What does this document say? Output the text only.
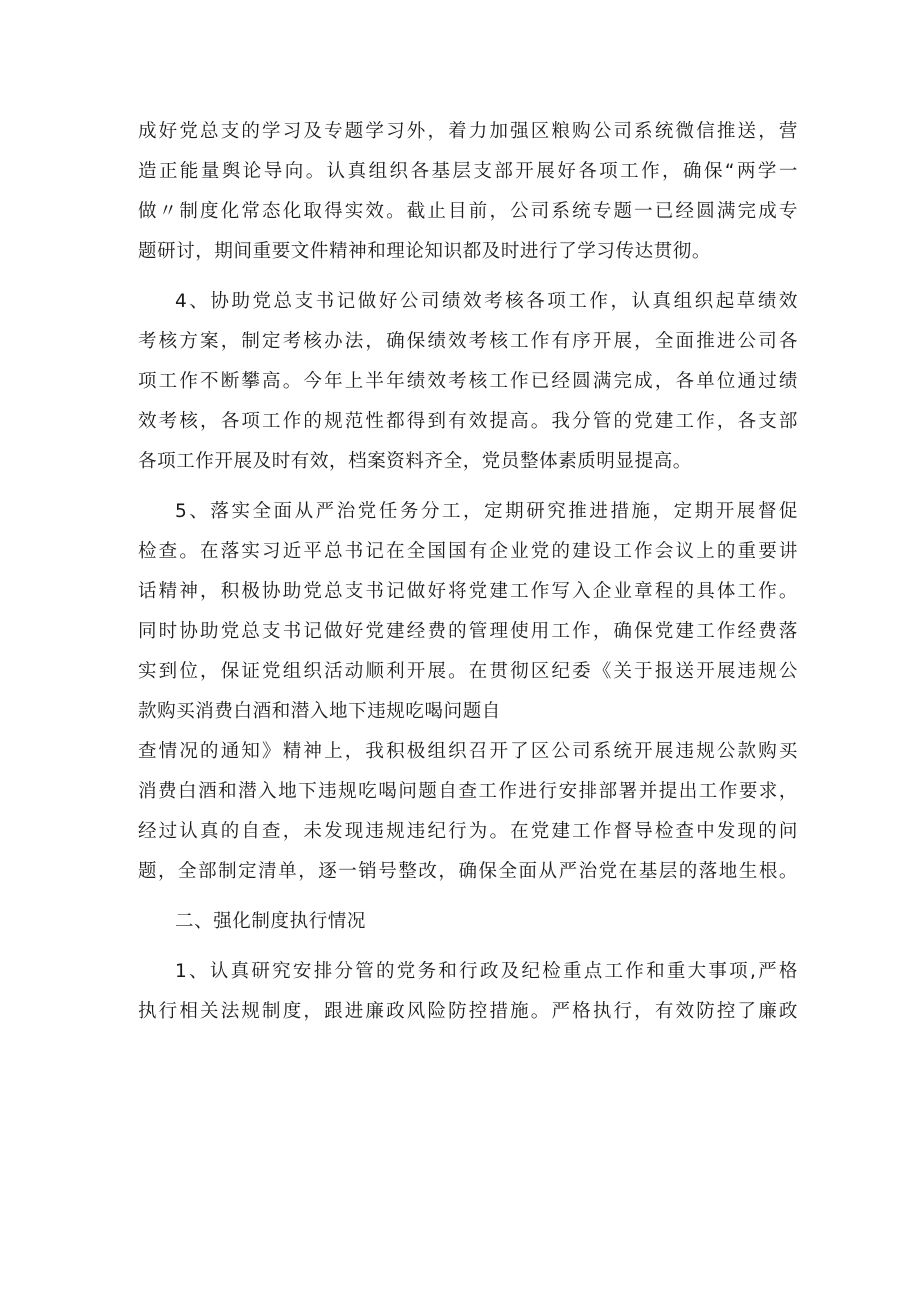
成好党总支的学习及专题学习外，着力加强区粮购公司系统微信推送，营
造正能量舆论导向。认真组织各基层支部开展好各项工作，确保“两学一
做〃制度化常态化取得实效。截止目前，公司系统专题一已经圆满完成专
题研讨，期间重要文件精神和理论知识都及时进行了学习传达贯彻。
4、协助党总支书记做好公司绩效考核各项工作，认真组织起草绩效
考核方案，制定考核办法，确保绩效考核工作有序开展，全面推进公司各
项工作不断攀高。今年上半年绩效考核工作已经圆满完成，各单位通过绩
效考核，各项工作的规范性都得到有效提高。我分管的党建工作，各支部
各项工作开展及时有效，档案资料齐全，党员整体素质明显提高。
5、落实全面从严治党任务分工，定期研究推进措施，定期开展督促
检查。在落实习近平总书记在全国国有企业党的建设工作会议上的重要讲
话精神，积极协助党总支书记做好将党建工作写入企业章程的具体工作。
同时协助党总支书记做好党建经费的管理使用工作，确保党建工作经费落
实到位，保证党组织活动顺利开展。在贯彻区纪委《关于报送开展违规公
款购买消费白酒和潜入地下违规吃喝问题自
查情况的通知》精神上，我积极组织召开了区公司系统开展违规公款购买
消费白酒和潜入地下违规吃喝问题自查工作进行安排部署并提出工作要求，
经过认真的自查，未发现违规违纪行为。在党建工作督导检查中发现的问
题，全部制定清单，逐一销号整改，确保全面从严治党在基层的落地生根。
二、强化制度执行情况
1、认真研究安排分管的党务和行政及纪检重点工作和重大事项,严格
执行相关法规制度，跟进廉政风险防控措施。严格执行，有效防控了廉政
